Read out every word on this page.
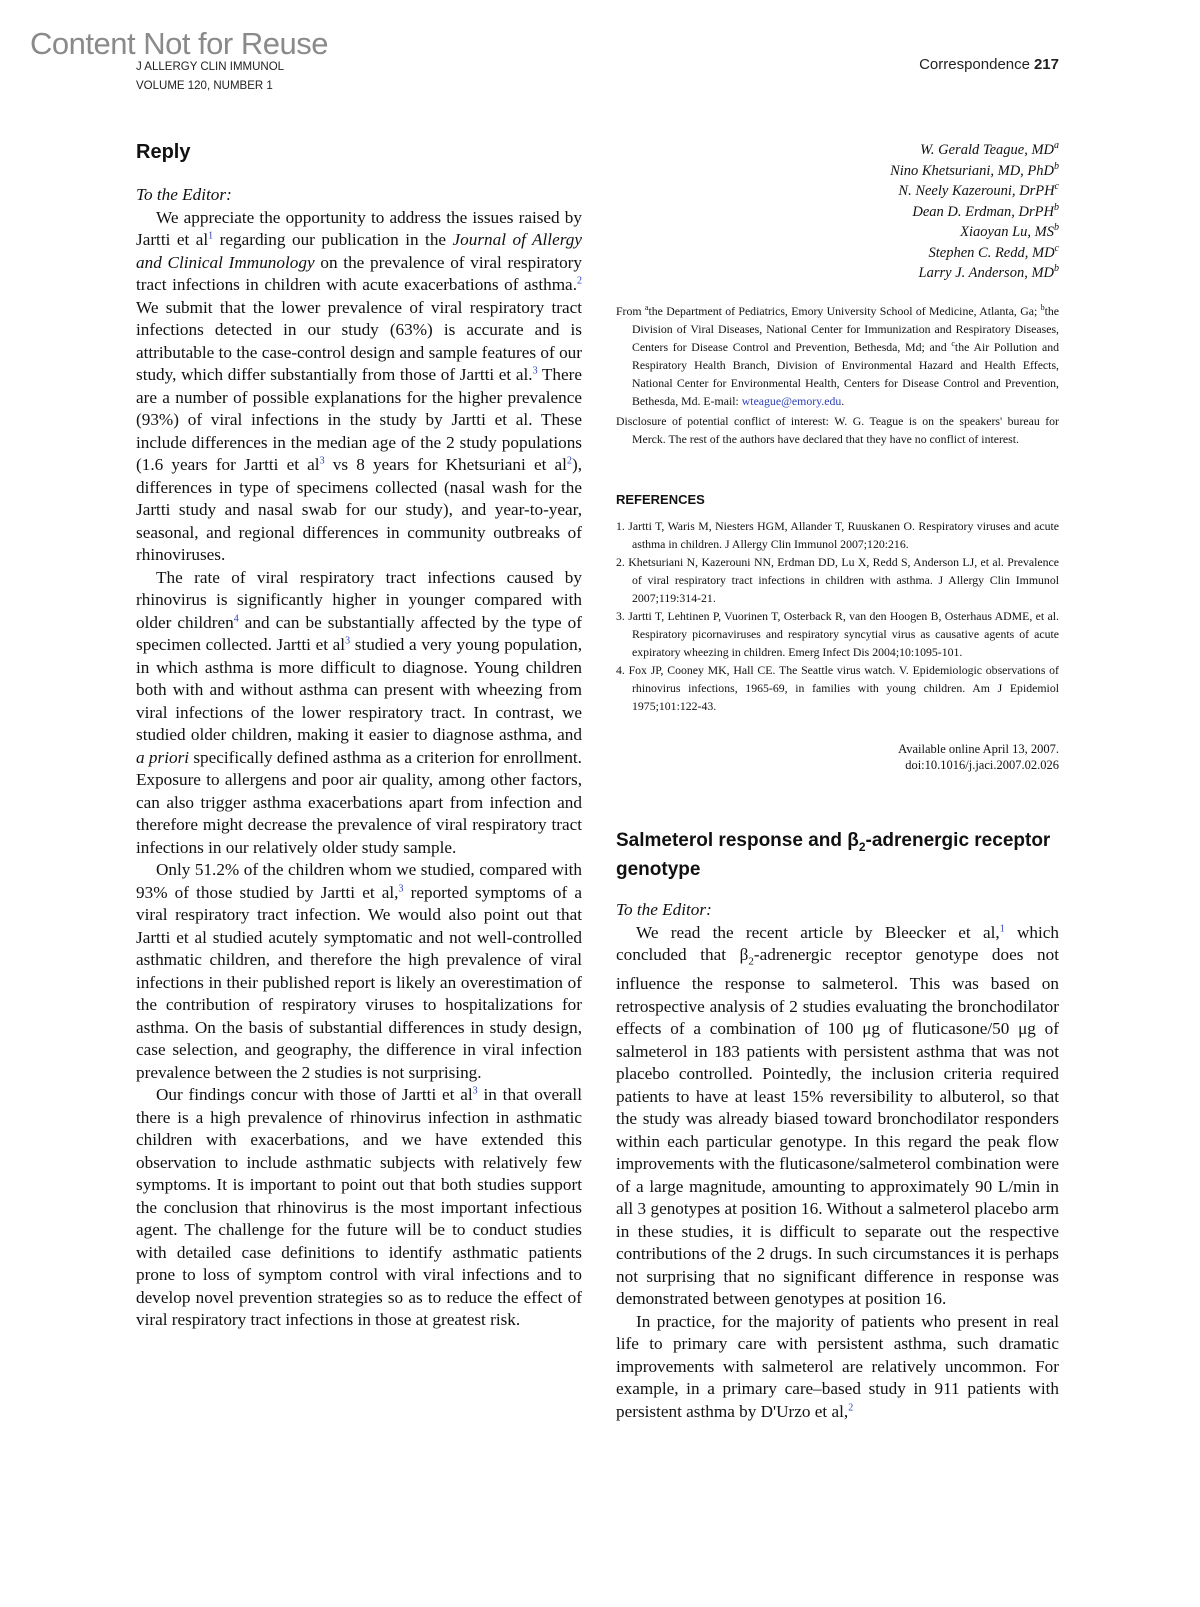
Content Not for Reuse
J ALLERGY CLIN IMMUNOL
VOLUME 120, NUMBER 1
Correspondence 217
Reply

To the Editor:

We appreciate the opportunity to address the issues raised by Jartti et $al^1$ regarding our publication in the Journal of Allergy and Clinical Immunology on the prevalence of viral respiratory tract infections in children with acute exacerbations of asthma.$^2$ We submit that the lower prevalence of viral respiratory tract infections detected in our study (63%) is accurate and is attributable to the case-control design and sample features of our study, which differ substantially from those of Jartti et al.$^3$ There are a number of possible explanations for the higher prevalence (93%) of viral infections in the study by Jartti et al. These include differences in the median age of the 2 study populations (1.6 years for Jartti et $al^3$ vs 8 years for Khetsuriani et $al^2$), differences in type of specimens collected (nasal wash for the Jartti study and nasal swab for our study), and year-to-year, seasonal, and regional differences in community outbreaks of rhinoviruses.

The rate of viral respiratory tract infections caused by rhinovirus is significantly higher in younger compared with older children$^4$ and can be substantially affected by the type of specimen collected. Jartti et $al^3$ studied a very young population, in which asthma is more difficult to diagnose. Young children both with and without asthma can present with wheezing from viral infections of the lower respiratory tract. In contrast, we studied older children, making it easier to diagnose asthma, and a priori specifically defined asthma as a criterion for enrollment. Exposure to allergens and poor air quality, among other factors, can also trigger asthma exacerbations apart from infection and therefore might decrease the prevalence of viral respiratory tract infections in our relatively older study sample.

Only 51.2% of the children whom we studied, compared with 93% of those studied by Jartti et al,$^3$ reported symptoms of a viral respiratory tract infection. We would also point out that Jartti et al studied acutely symptomatic and not well-controlled asthmatic children, and therefore the high prevalence of viral infections in their published report is likely an overestimation of the contribution of respiratory viruses to hospitalizations for asthma. On the basis of substantial differences in study design, case selection, and geography, the difference in viral infection prevalence between the 2 studies is not surprising.

Our findings concur with those of Jartti et $al^3$ in that overall there is a high prevalence of rhinovirus infection in asthmatic children with exacerbations, and we have extended this observation to include asthmatic subjects with relatively few symptoms. It is important to point out that both studies support the conclusion that rhinovirus is the most important infectious agent. The challenge for the future will be to conduct studies with detailed case definitions to identify asthmatic patients prone to loss of symptom control with viral infections and to develop novel prevention strategies so as to reduce the effect of viral respiratory tract infections in those at greatest risk.

W. Gerald Teague, $MD^a$
Nino Khetsuriani, MD, PhD$^b$
N. Neely Kazerouni, DrPH$^c$
Dean D. Erdman, DrPH$^b$
Xiaoyan Lu, $MS^b$
Stephen C. Redd, $MD^c$
Larry J. Anderson, $MD^b$
From $^a$the Department of Pediatrics, Emory University School of Medicine, Atlanta, Ga; $^b$the Division of Viral Diseases, National Center for Immunization and Respiratory Diseases, Centers for Disease Control and Prevention, Bethesda, Md; and $^c$the Air Pollution and Respiratory Health Branch, Division of Environmental Hazard and Health Effects, National Center for Environmental Health, Centers for Disease Control and Prevention, Bethesda, Md. E-mail: wteague@emory.edu.
Disclosure of potential conflict of interest: W. G. Teague is on the speakers' bureau for Merck. The rest of the authors have declared that they have no conflict of interest.
REFERENCES
1. Jartti T, Waris M, Niesters HGM, Allander T, Ruuskanen O. Respiratory viruses and acute asthma in children. J Allergy Clin Immunol 2007;120:216.
2. Khetsuriani N, Kazerouni NN, Erdman DD, Lu X, Redd S, Anderson LJ, et al. Prevalence of viral respiratory tract infections in children with asthma. J Allergy Clin Immunol 2007;119:314-21.
3. Jartti T, Lehtinen P, Vuorinen T, Osterback R, van den Hoogen B, Osterhaus ADME, et al. Respiratory picornaviruses and respiratory syncytial virus as causative agents of acute expiratory wheezing in children. Emerg Infect Dis 2004;10:1095-101.
4. Fox JP, Cooney MK, Hall CE. The Seattle virus watch. V. Epidemiologic observations of rhinovirus infections, 1965-69, in families with young children. Am J Epidemiol 1975;101:122-43.
Available online April 13, 2007.
doi:10.1016/j.jaci.2007.02.026
Salmeterol response and $\beta_2$-adrenergic receptor genotype

To the Editor:

We read the recent article by Bleecker et al,$^1$ which concluded that $\beta_2$-adrenergic receptor genotype does not influence the response to salmeterol. This was based on retrospective analysis of 2 studies evaluating the bronchodilator effects of a combination of 100 μg of fluticasone/50 μg of salmeterol in 183 patients with persistent asthma that was not placebo controlled. Pointedly, the inclusion criteria required patients to have at least 15% reversibility to albuterol, so that the study was already biased toward bronchodilator responders within each particular genotype. In this regard the peak flow improvements with the fluticasone/salmeterol combination were of a large magnitude, amounting to approximately 90 L/min in all 3 genotypes at position 16. Without a salmeterol placebo arm in these studies, it is difficult to separate out the respective contributions of the 2 drugs. In such circumstances it is perhaps not surprising that no significant difference in response was demonstrated between genotypes at position 16.

In practice, for the majority of patients who present in real life to primary care with persistent asthma, such dramatic improvements with salmeterol are relatively uncommon. For example, in a primary care–based study in 911 patients with persistent asthma by D'Urzo et al,$^2$
